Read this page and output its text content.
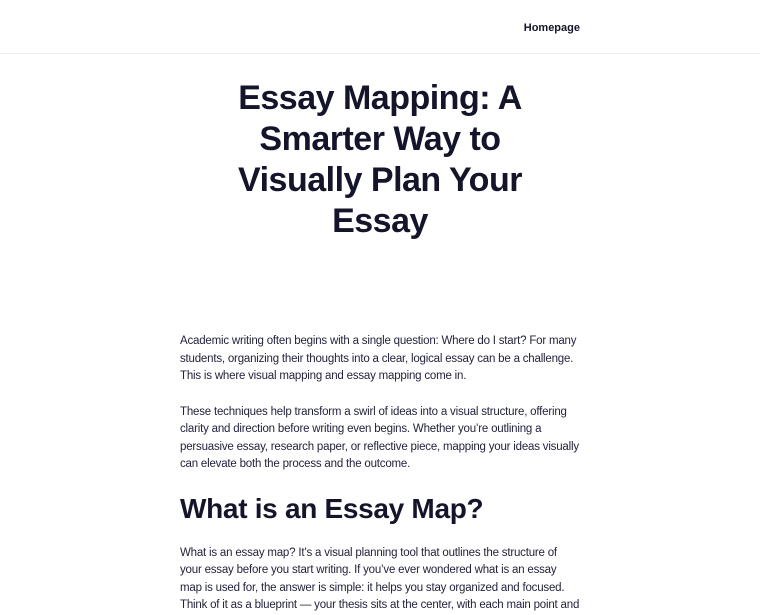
Homepage
Essay Mapping: A Smarter Way to Visually Plan Your Essay

Academic writing often begins with a single question: Where do I start? For many students, organizing their thoughts into a clear, logical essay can be a challenge. This is where visual mapping and essay mapping come in.

These techniques help transform a swirl of ideas into a visual structure, offering clarity and direction before writing even begins. Whether you’re outlining a persuasive essay, research paper, or reflective piece, mapping your ideas visually can elevate both the process and the outcome.

What is an Essay Map?

What is an essay map? It’s a visual planning tool that outlines the structure of your essay before you start writing. If you’ve ever wondered what is an essay map is used for, the answer is simple: it helps you stay organized and focused. Think of it as a blueprint — your thesis sits at the center, with each main point and
